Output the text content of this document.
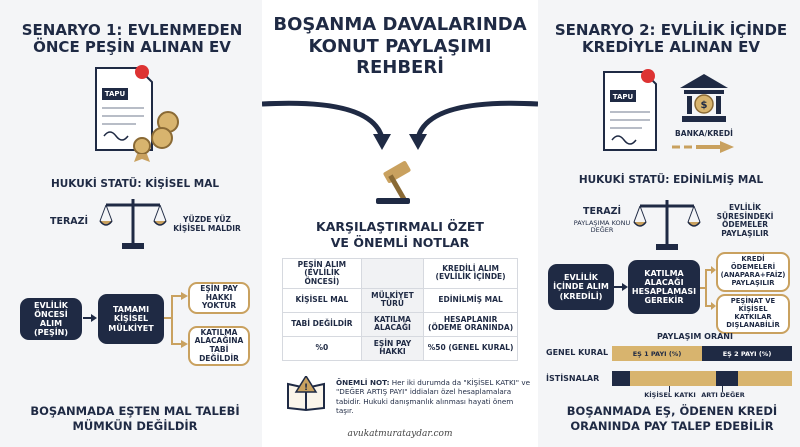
BOŞANMA DAVALARINDA KONUT PAYLAŞIMI REHBERİ
KARŞILAŞTIRMALI ÖZET VE ÖNEMLİ NOTLAR
PEŞİN ALIM (EVLİLİK ÖNCESİ)		KREDİLİ ALIM (EVLİLİK İÇİNDE)
KİŞİSEL MAL	MÜLKİYET TÜRÜ	EDİNİLMİŞ MAL
TABİ DEĞİLDİR	KATILMA ALACAĞI	HESAPLANIR (ÖDEME ORANINDA)
%0	EŞİN PAY HAKKI	%50 (GENEL KURAL)
!
ÖNEMLİ NOT: Her iki durumda da "KİŞİSEL KATKI" ve "DEĞER ARTIŞ PAYI" iddiaları özel hesaplamalara tabidir. Hukuki danışmanlık alınması hayati önem taşır.
avukatmurataydar.com
SENARYO 1: EVLENMEDEN ÖNCE PEŞİN ALINAN EV
TAPU
HUKUKİ STATÜ: KİŞİSEL MAL
TERAZİ	YÜZDE YÜZ KİŞİSEL MALDIR
EVLİLİK ÖNCESİ ALIM (PEŞİN)
TAMAMI KİŞİSEL MÜLKİYET
EŞİN PAY HAKKI YOKTUR
KATILMA ALACAĞINA TABİ DEĞİLDİR
BOŞANMADA EŞTEN MAL TALEBİ MÜMKÜN DEĞİLDİR
SENARYO 2: EVLİLİK İÇİNDE KREDİYLE ALINAN EV
TAPU
$
BANKA/KREDİ
HUKUKİ STATÜ: EDİNİLMİŞ MAL
TERAZİ
PAYLAŞIMA KONU DEĞER
EVLİLİK SÜRESİNDEKİ ÖDEMELER PAYLAŞILIR
EVLİLİK İÇİNDE ALIM (KREDİLİ)
KATILMA ALACAĞI HESAPLAMASI GEREKİR
KREDİ ÖDEMELERİ (ANAPARA+FAİZ) PAYLAŞILIR
PEŞİNAT VE KİŞİSEL KATKILAR DIŞLANABİLİR
PAYLAŞIM ORANI
GENEL KURAL	EŞ 1 PAYI (%)	EŞ 2 PAYI (%)
İSTİSNALAR
KİŞİSEL KATKI ARTI DEĞER
BOŞANMADA EŞ, ÖDENEN KREDİ ORANINDA PAY TALEP EDEBİLİR
